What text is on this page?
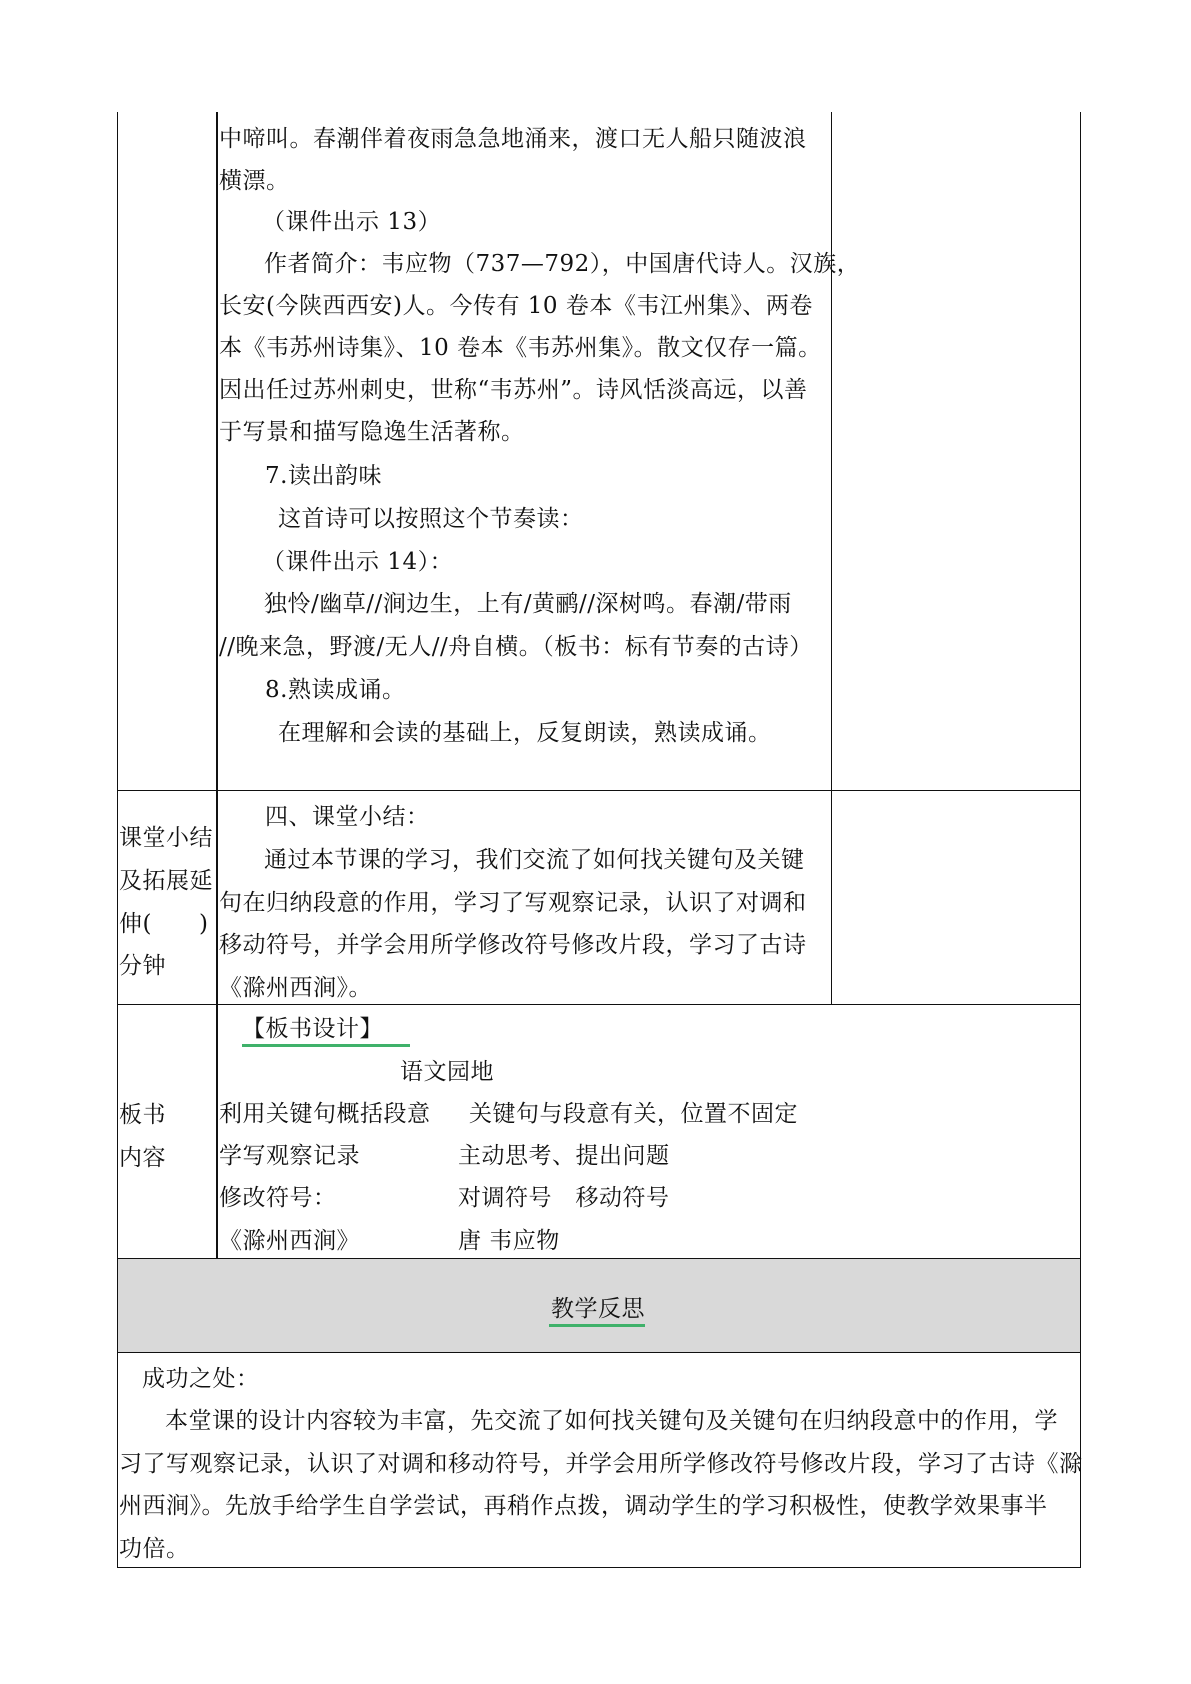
中啼叫。春潮伴着夜雨急急地涌来，渡口无人船只随波浪
横漂。
（课件出示 13）
作者简介：韦应物（737—792），中国唐代诗人。汉族，
长安(今陕西西安)人。今传有 10 卷本《韦江州集》、两卷
本《韦苏州诗集》、10 卷本《韦苏州集》。散文仅存一篇。
因出任过苏州刺史，世称“韦苏州”。诗风恬淡高远，以善
于写景和描写隐逸生活著称。
7.读出韵味
这首诗可以按照这个节奏读：
（课件出示 14）：
独怜/幽草//涧边生，上有/黄鹂//深树鸣。春潮/带雨
//晚来急，野渡/无人//舟自横。（板书：标有节奏的古诗）
8.熟读成诵。
在理解和会读的基础上，反复朗读，熟读成诵。
课堂小结
及拓展延
伸(　　)
分钟
四、课堂小结：
通过本节课的学习，我们交流了如何找关键句及关键
句在归纳段意的作用，学习了写观察记录，认识了对调和
移动符号，并学会用所学修改符号修改片段，学习了古诗
《滁州西涧》。
板书
内容
【板书设计】
语文园地
利用关键句概括段意 关键句与段意有关，位置不固定
学写观察记录	主动思考、提出问题
修改符号：	对调符号　移动符号
《滁州西涧》	唐 韦应物
教学反思
成功之处：
本堂课的设计内容较为丰富，先交流了如何找关键句及关键句在归纳段意中的作用，学
习了写观察记录，认识了对调和移动符号，并学会用所学修改符号修改片段，学习了古诗《滁
州西涧》。先放手给学生自学尝试，再稍作点拨，调动学生的学习积极性，使教学效果事半
功倍。
